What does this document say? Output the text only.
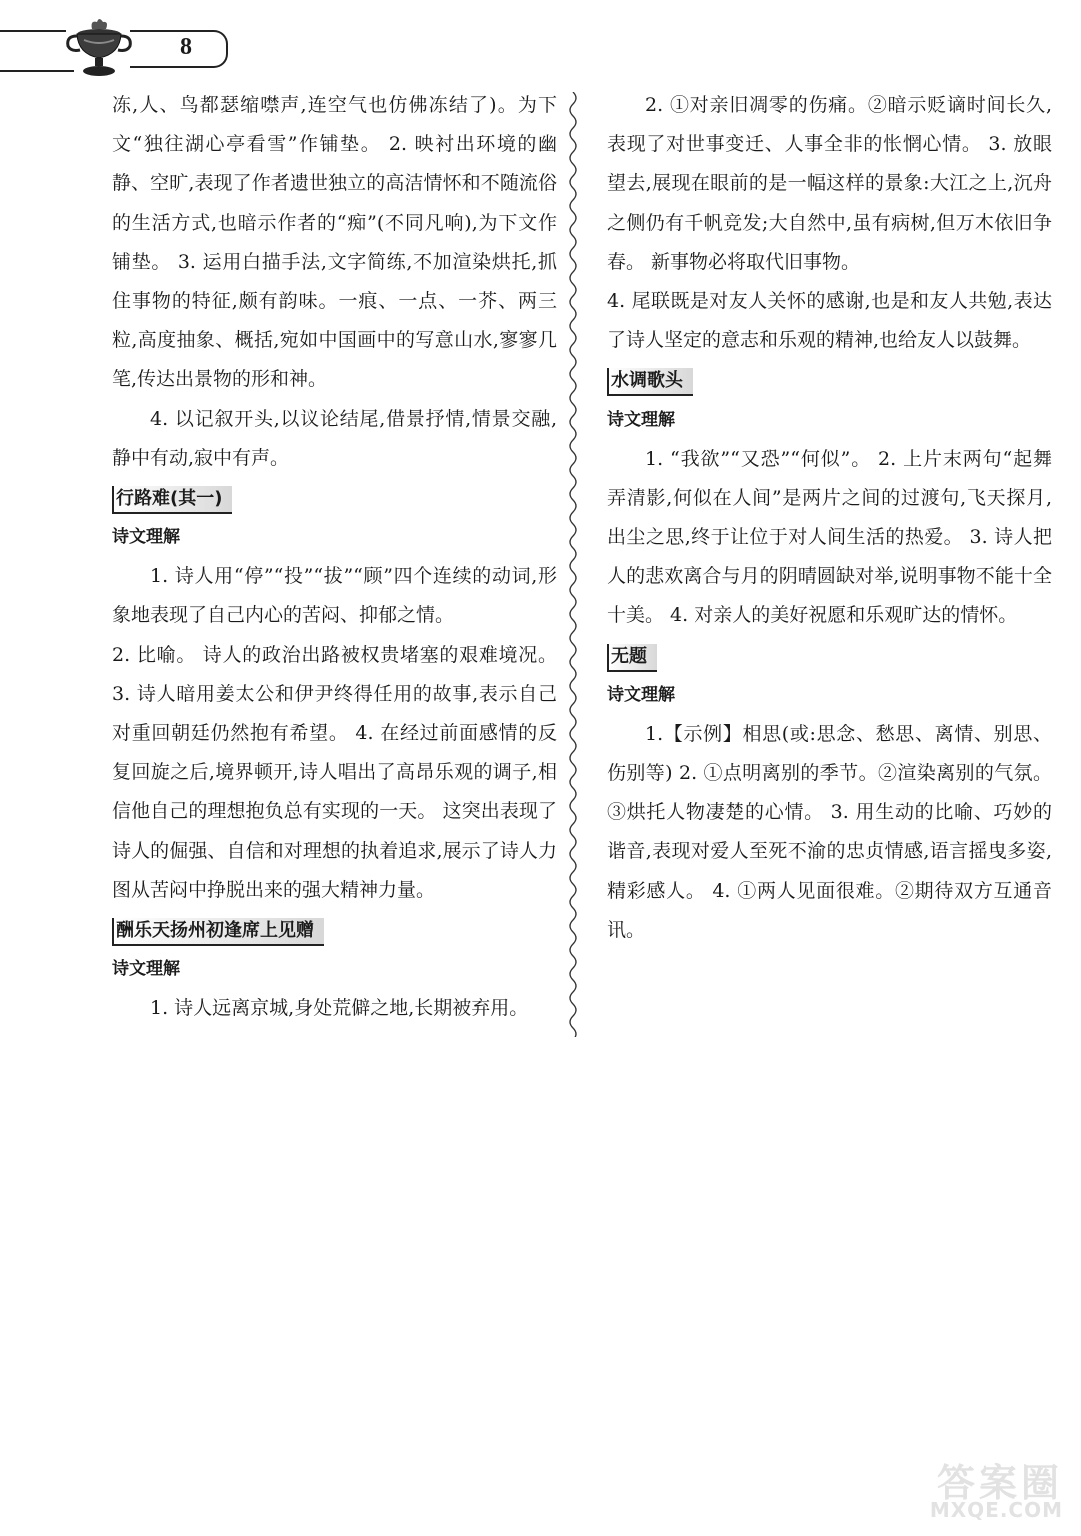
8

冻,人、鸟都瑟缩噤声,连空气也仿佛冻结了)。为下文“独往湖心亭看雪”作铺垫。 2. 映衬出环境的幽静、空旷,表现了作者遗世独立的高洁情怀和不随流俗的生活方式,也暗示作者的“痴”(不同凡响),为下文作铺垫。 3. 运用白描手法,文字简练,不加渲染烘托,抓住事物的特征,颇有韵味。一痕、一点、一芥、两三粒,高度抽象、概括,宛如中国画中的写意山水,寥寥几笔,传达出景物的形和神。

4. 以记叙开头,以议论结尾,借景抒情,情景交融,静中有动,寂中有声。

行路难(其一)

诗文理解

1. 诗人用“停”“投”“拔”“顾”四个连续的动词,形象地表现了自己内心的苦闷、抑郁之情。

2. 比喻。 诗人的政治出路被权贵堵塞的艰难境况。 3. 诗人暗用姜太公和伊尹终得任用的故事,表示自己对重回朝廷仍然抱有希望。 4. 在经过前面感情的反复回旋之后,境界顿开,诗人唱出了高昂乐观的调子,相信他自己的理想抱负总有实现的一天。 这突出表现了诗人的倔强、自信和对理想的执着追求,展示了诗人力图从苦闷中挣脱出来的强大精神力量。

酬乐天扬州初逢席上见赠

诗文理解

1. 诗人远离京城,身处荒僻之地,长期被弃用。

2. ①对亲旧凋零的伤痛。②暗示贬谪时间长久,表现了对世事变迁、人事全非的怅惘心情。 3. 放眼望去,展现在眼前的是一幅这样的景象:大江之上,沉舟之侧仍有千帆竞发;大自然中,虽有病树,但万木依旧争春。 新事物必将取代旧事物。

4. 尾联既是对友人关怀的感谢,也是和友人共勉,表达了诗人坚定的意志和乐观的精神,也给友人以鼓舞。

水调歌头

诗文理解

1. “我欲”“又恐”“何似”。 2. 上片末两句“起舞弄清影,何似在人间”是两片之间的过渡句,飞天探月,出尘之思,终于让位于对人间生活的热爱。 3. 诗人把人的悲欢离合与月的阴晴圆缺对举,说明事物不能十全十美。 4. 对亲人的美好祝愿和乐观旷达的情怀。

无题

诗文理解

1.【示例】相思(或:思念、愁思、离情、别思、伤别等) 2. ①点明离别的季节。②渲染离别的气氛。③烘托人物凄楚的心情。 3. 用生动的比喻、巧妙的谐音,表现对爱人至死不渝的忠贞情感,语言摇曳多姿,精彩感人。 4. ①两人见面很难。②期待双方互通音讯。

答案圈
MXQE.COM
